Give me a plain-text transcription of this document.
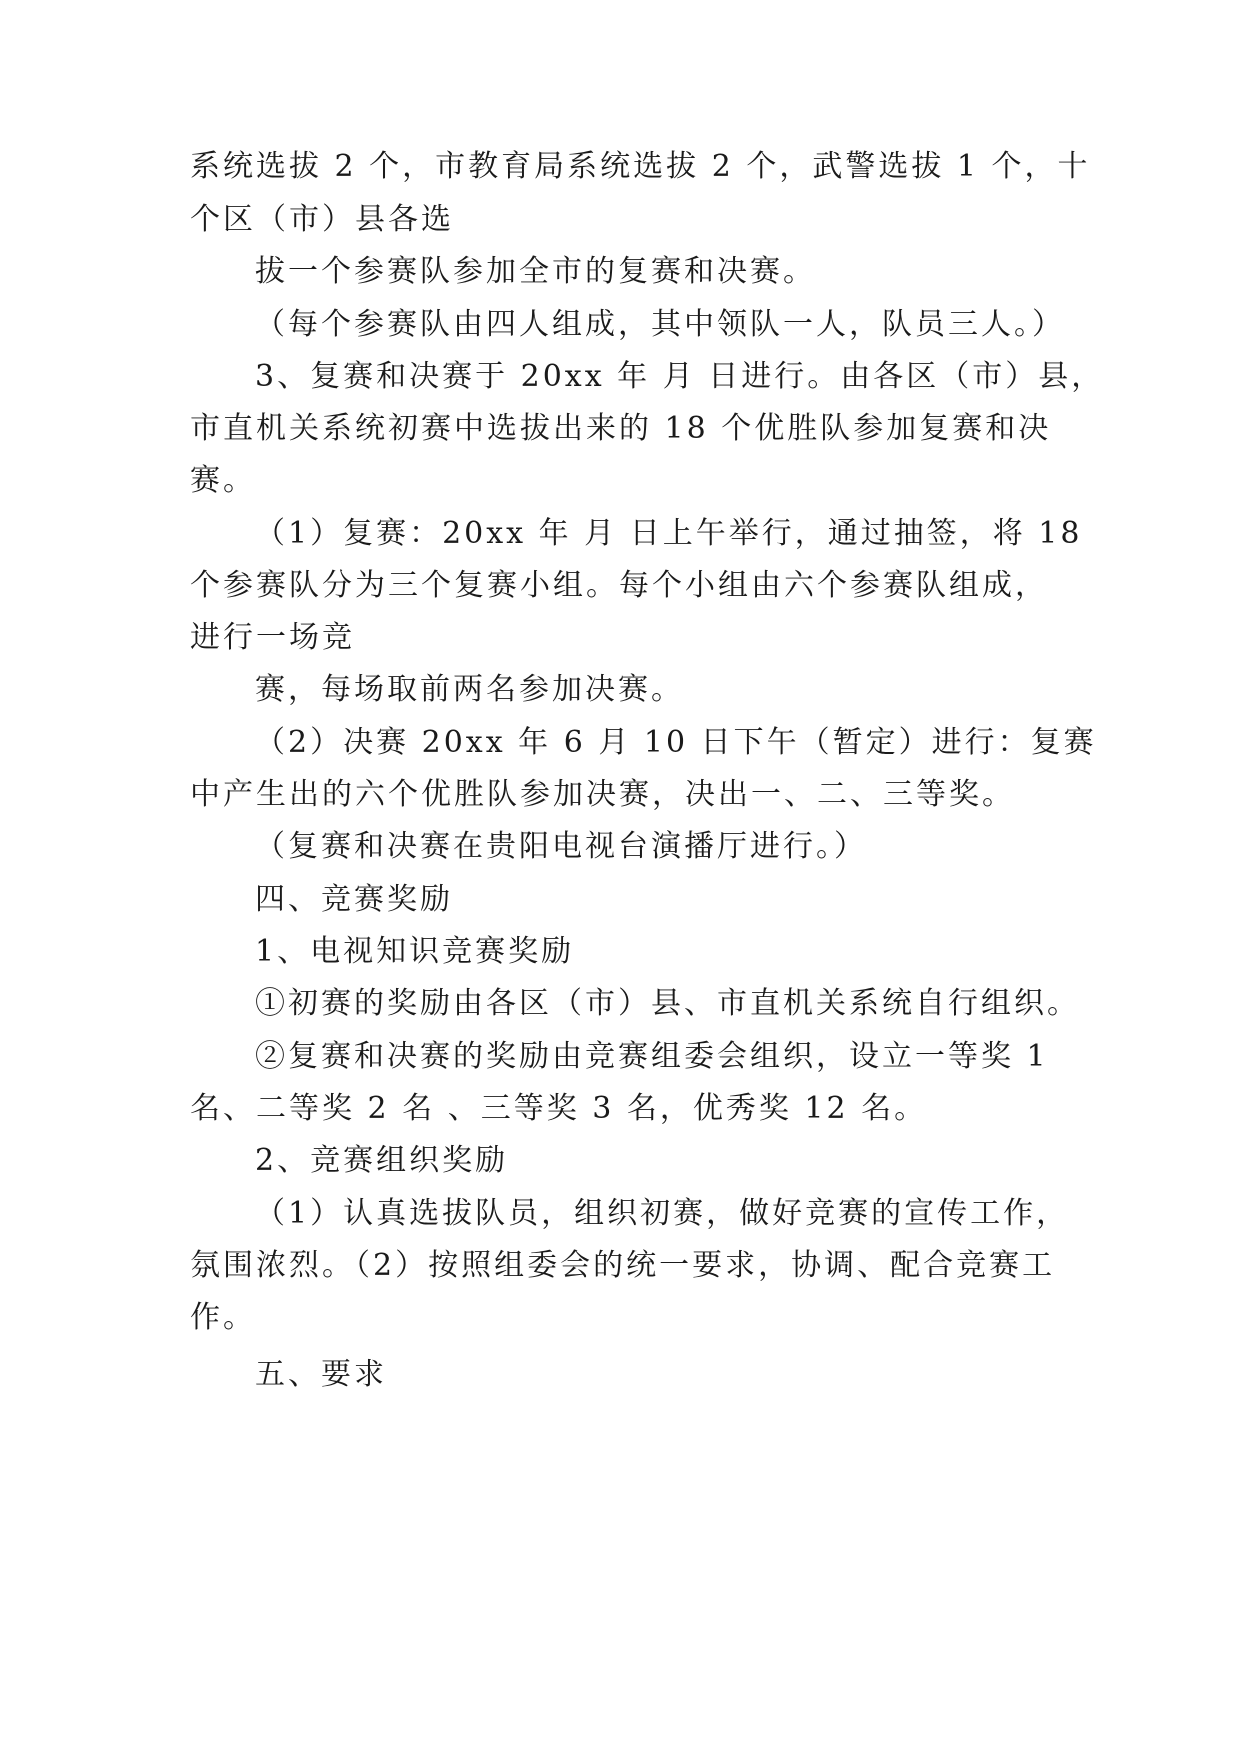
系统选拔 2 个，市教育局系统选拔 2 个，武警选拔 1 个，十
个区（市）县各选
拔一个参赛队参加全市的复赛和决赛。
（每个参赛队由四人组成，其中领队一人，队员三人。）
3、复赛和决赛于 20xx 年 月 日进行。由各区（市）县，
市直机关系统初赛中选拔出来的 18 个优胜队参加复赛和决
赛。
（1）复赛：20xx 年 月 日上午举行，通过抽签，将 18
个参赛队分为三个复赛小组。每个小组由六个参赛队组成，
进行一场竞
赛，每场取前两名参加决赛。
（2）决赛 20xx 年 6 月 10 日下午（暂定）进行：复赛
中产生出的六个优胜队参加决赛，决出一、二、三等奖。
（复赛和决赛在贵阳电视台演播厅进行。）
四、竞赛奖励
1、电视知识竞赛奖励
①初赛的奖励由各区（市）县、市直机关系统自行组织。
②复赛和决赛的奖励由竞赛组委会组织，设立一等奖 1
名、二等奖 2 名 、三等奖 3 名，优秀奖 12 名。
2、竞赛组织奖励
（1）认真选拔队员，组织初赛，做好竞赛的宣传工作，
氛围浓烈。（2）按照组委会的统一要求，协调、配合竞赛工
作。
五、要求
